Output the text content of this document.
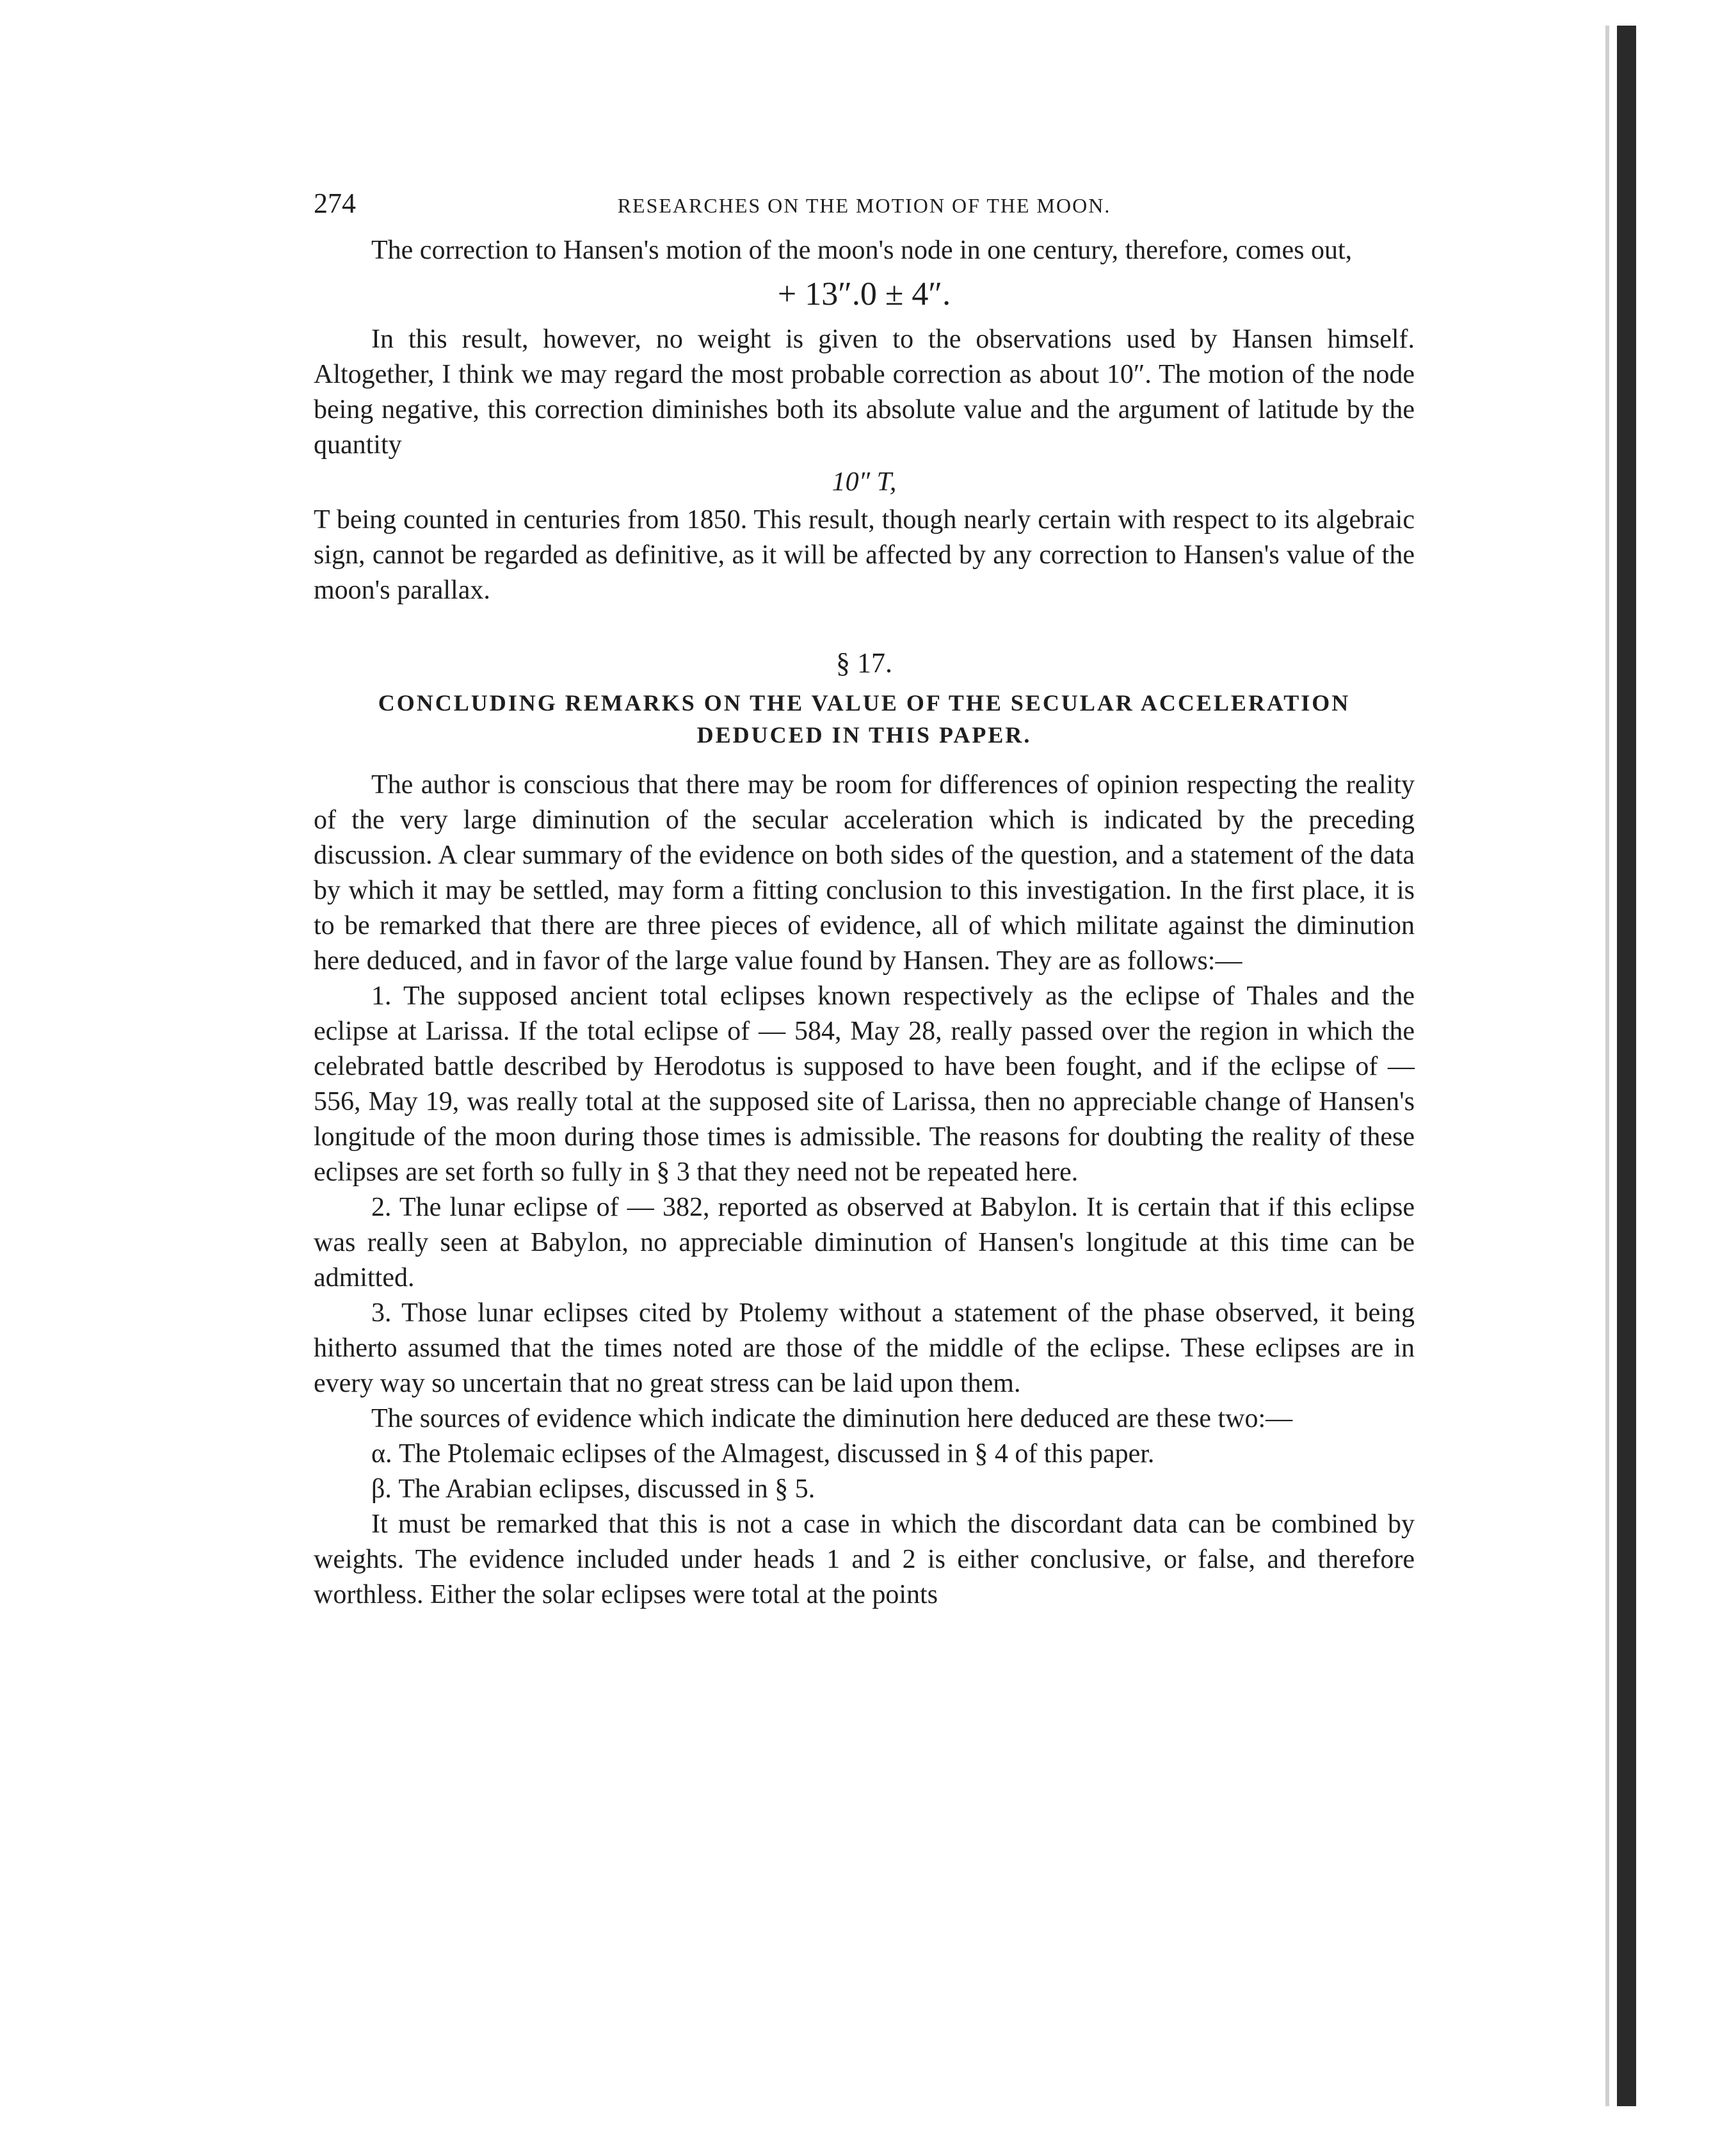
274	RESEARCHES ON THE MOTION OF THE MOON.

The correction to Hansen's motion of the moon's node in one century, therefore, comes out,

+ 13″.0 ± 4″.

In this result, however, no weight is given to the observations used by Hansen himself. Altogether, I think we may regard the most probable correction as about 10″. The motion of the node being negative, this correction diminishes both its absolute value and the argument of latitude by the quantity

10″ T,

T being counted in centuries from 1850. This result, though nearly certain with respect to its algebraic sign, cannot be regarded as definitive, as it will be affected by any correction to Hansen's value of the moon's parallax.

§ 17.
CONCLUDING REMARKS ON THE VALUE OF THE SECULAR ACCELERATION DEDUCED IN THIS PAPER.

The author is conscious that there may be room for differences of opinion respecting the reality of the very large diminution of the secular acceleration which is indicated by the preceding discussion. A clear summary of the evidence on both sides of the question, and a statement of the data by which it may be settled, may form a fitting conclusion to this investigation. In the first place, it is to be remarked that there are three pieces of evidence, all of which militate against the diminution here deduced, and in favor of the large value found by Hansen. They are as follows:—

1. The supposed ancient total eclipses known respectively as the eclipse of Thales and the eclipse at Larissa. If the total eclipse of — 584, May 28, really passed over the region in which the celebrated battle described by Herodotus is supposed to have been fought, and if the eclipse of — 556, May 19, was really total at the supposed site of Larissa, then no appreciable change of Hansen's longitude of the moon during those times is admissible. The reasons for doubting the reality of these eclipses are set forth so fully in § 3 that they need not be repeated here.

2. The lunar eclipse of — 382, reported as observed at Babylon. It is certain that if this eclipse was really seen at Babylon, no appreciable diminution of Hansen's longitude at this time can be admitted.

3. Those lunar eclipses cited by Ptolemy without a statement of the phase observed, it being hitherto assumed that the times noted are those of the middle of the eclipse. These eclipses are in every way so uncertain that no great stress can be laid upon them.

The sources of evidence which indicate the diminution here deduced are these two:—

α. The Ptolemaic eclipses of the Almagest, discussed in § 4 of this paper.

β. The Arabian eclipses, discussed in § 5.

It must be remarked that this is not a case in which the discordant data can be combined by weights. The evidence included under heads 1 and 2 is either conclusive, or false, and therefore worthless. Either the solar eclipses were total at the points
